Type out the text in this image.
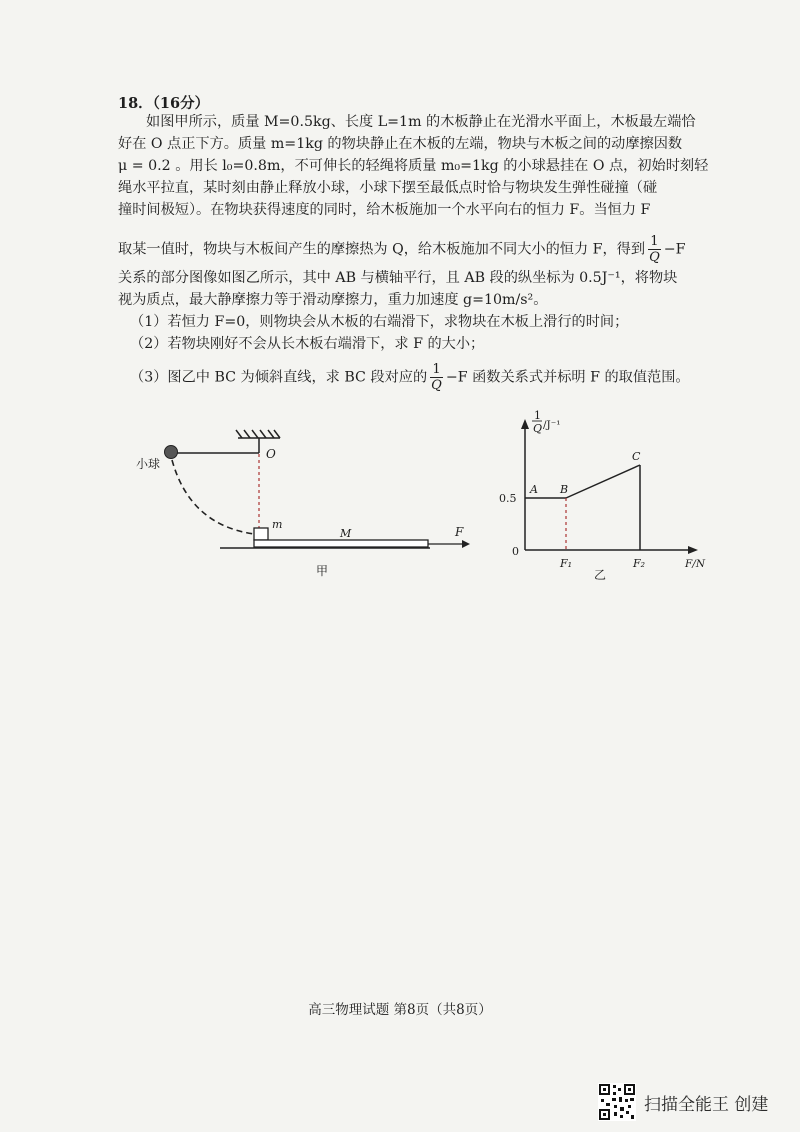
18．（16分）
如图甲所示，质量 M=0.5kg、长度 L=1m 的木板静止在光滑水平面上，木板最左端恰
好在 O 点正下方。质量 m=1kg 的物块静止在木板的左端，物块与木板之间的动摩擦因数
μ = 0.2 。用长 l₀=0.8m，不可伸长的轻绳将质量 m₀=1kg 的小球悬挂在 O 点，初始时刻轻
绳水平拉直，某时刻由静止释放小球，小球下摆至最低点时恰与物块发生弹性碰撞（碰
撞时间极短）。在物块获得速度的同时，给木板施加一个水平向右的恒力 F。当恒力 F
取某一值时，物块与木板间产生的摩擦热为 Q，给木板施加不同大小的恒力 F，得到 $\frac{1}{Q} -F$
关系的部分图像如图乙所示，其中 AB 与横轴平行，且 AB 段的纵坐标为 0.5J⁻¹，将物块
视为质点，最大静摩擦力等于滑动摩擦力，重力加速度 g=10m/s²。
（1）若恒力 F=0，则物块会从木板的右端滑下，求物块在木板上滑行的时间；
（2）若物块刚好不会从长木板右端滑下，求 F 的大小；
（3）图乙中 BC 为倾斜直线，求 BC 段对应的 $\frac{1}{Q} -F$ 函数关系式并标明 F 的取值范围。
小球
O
m
M	F
甲
1
Q /J⁻¹
F/N
0
0.5
A B
C
F₁	F₂
乙
高三物理试题 第8页（共8页）
扫描全能王 创建
